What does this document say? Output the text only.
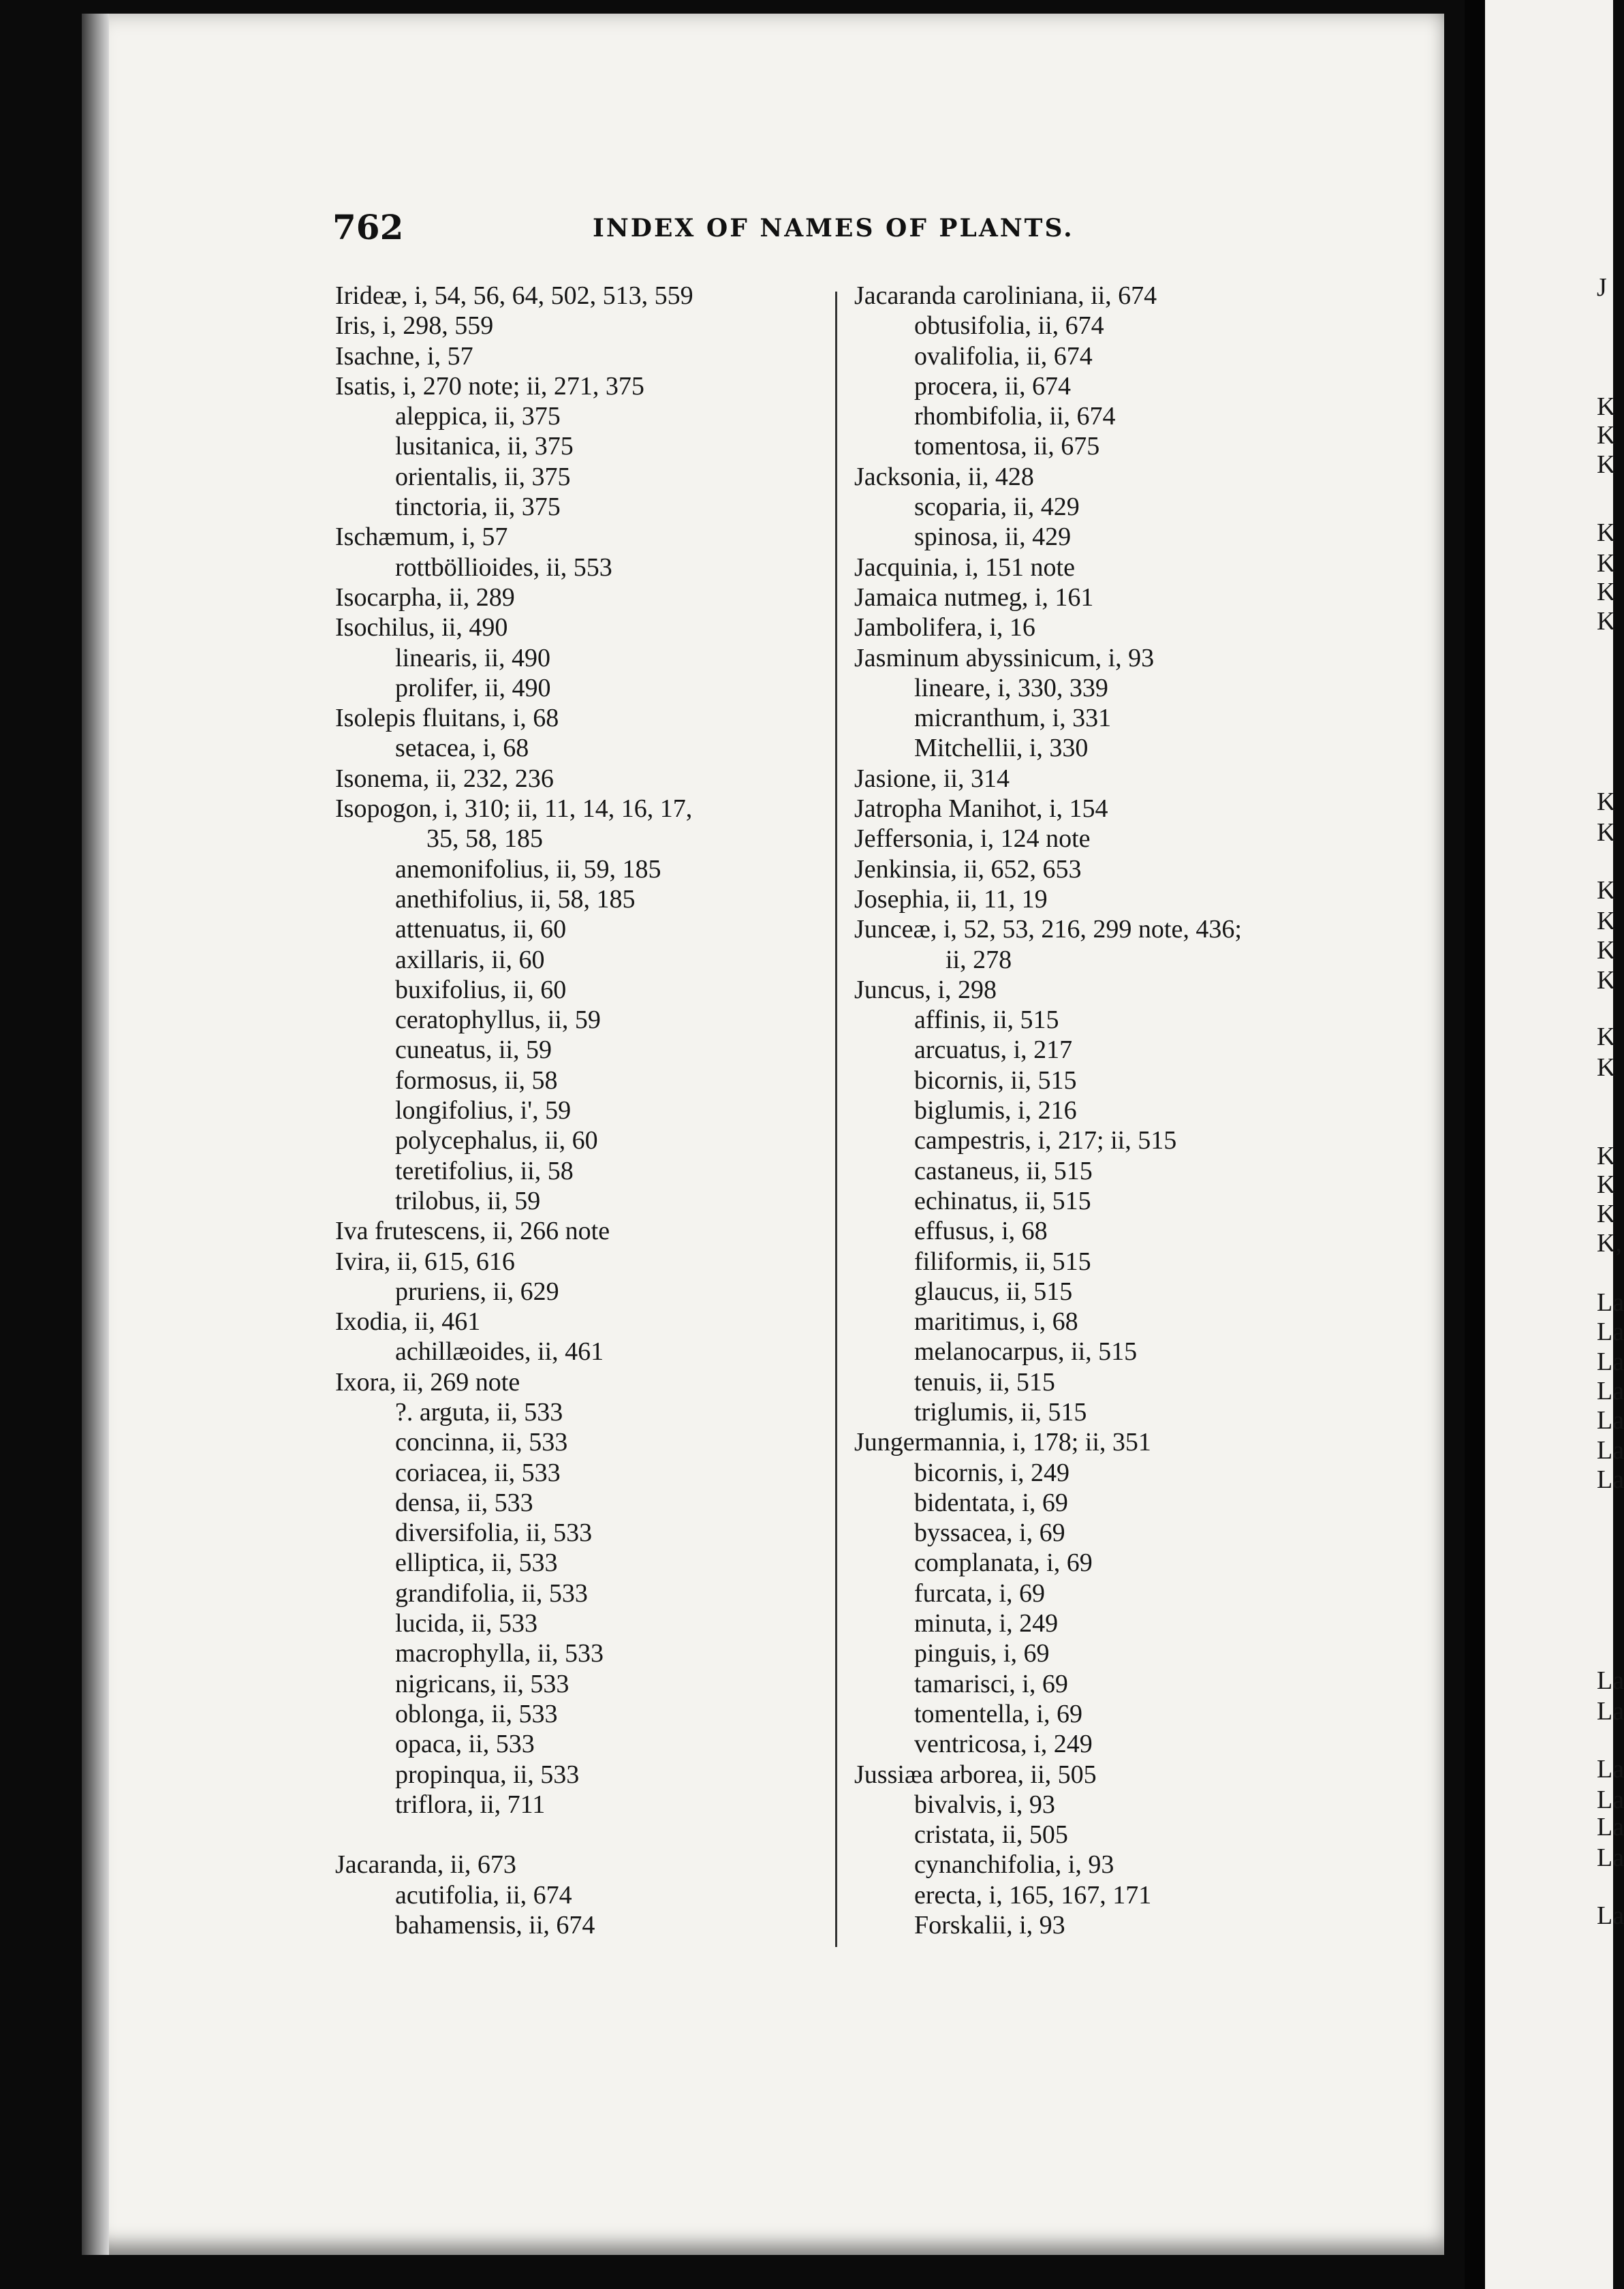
762	INDEX OF NAMES OF PLANTS.
Irideæ, i, 54, 56, 64, 502, 513, 559
Iris, i, 298, 559
Isachne, i, 57
Isatis, i, 270 note; ii, 271, 375
aleppica, ii, 375
lusitanica, ii, 375
orientalis, ii, 375
tinctoria, ii, 375
Ischæmum, i, 57
rottböllioides, ii, 553
Isocarpha, ii, 289
Isochilus, ii, 490
linearis, ii, 490
prolifer, ii, 490
Isolepis fluitans, i, 68
setacea, i, 68
Isonema, ii, 232, 236
Isopogon, i, 310; ii, 11, 14, 16, 17,
35, 58, 185
anemonifolius, ii, 59, 185
anethifolius, ii, 58, 185
attenuatus, ii, 60
axillaris, ii, 60
buxifolius, ii, 60
ceratophyllus, ii, 59
cuneatus, ii, 59
formosus, ii, 58
longifolius, i', 59
polycephalus, ii, 60
teretifolius, ii, 58
trilobus, ii, 59
Iva frutescens, ii, 266 note
Ivira, ii, 615, 616
pruriens, ii, 629
Ixodia, ii, 461
achillæoides, ii, 461
Ixora, ii, 269 note
?. arguta, ii, 533
concinna, ii, 533
coriacea, ii, 533
densa, ii, 533
diversifolia, ii, 533
elliptica, ii, 533
grandifolia, ii, 533
lucida, ii, 533
macrophylla, ii, 533
nigricans, ii, 533
oblonga, ii, 533
opaca, ii, 533
propinqua, ii, 533
triflora, ii, 711
Jacaranda, ii, 673
acutifolia, ii, 674
bahamensis, ii, 674
Jacaranda caroliniana, ii, 674
obtusifolia, ii, 674
ovalifolia, ii, 674
procera, ii, 674
rhombifolia, ii, 674
tomentosa, ii, 675
Jacksonia, ii, 428
scoparia, ii, 429
spinosa, ii, 429
Jacquinia, i, 151 note
Jamaica nutmeg, i, 161
Jambolifera, i, 16
Jasminum abyssinicum, i, 93
lineare, i, 330, 339
micranthum, i, 331
Mitchellii, i, 330
Jasione, ii, 314
Jatropha Manihot, i, 154
Jeffersonia, i, 124 note
Jenkinsia, ii, 652, 653
Josephia, ii, 11, 19
Junceæ, i, 52, 53, 216, 299 note, 436;
ii, 278
Juncus, i, 298
affinis, ii, 515
arcuatus, i, 217
bicornis, ii, 515
biglumis, i, 216
campestris, i, 217; ii, 515
castaneus, ii, 515
echinatus, ii, 515
effusus, i, 68
filiformis, ii, 515
glaucus, ii, 515
maritimus, i, 68
melanocarpus, ii, 515
tenuis, ii, 515
triglumis, ii, 515
Jungermannia, i, 178; ii, 351
bicornis, i, 249
bidentata, i, 69
byssacea, i, 69
complanata, i, 69
furcata, i, 69
minuta, i, 249
pinguis, i, 69
tamarisci, i, 69
tomentella, i, 69
ventricosa, i, 249
Jussiæa arborea, ii, 505
bivalvis, i, 93
cristata, ii, 505
cynanchifolia, i, 93
erecta, i, 165, 167, 171
Forskalii, i, 93
J
K
K
K
K
K
K
K
K
K
K
K
K
K
K
K
K
K
K
K,
La
La
La
La
La
La
La
La
La
La
La
La
La
La
